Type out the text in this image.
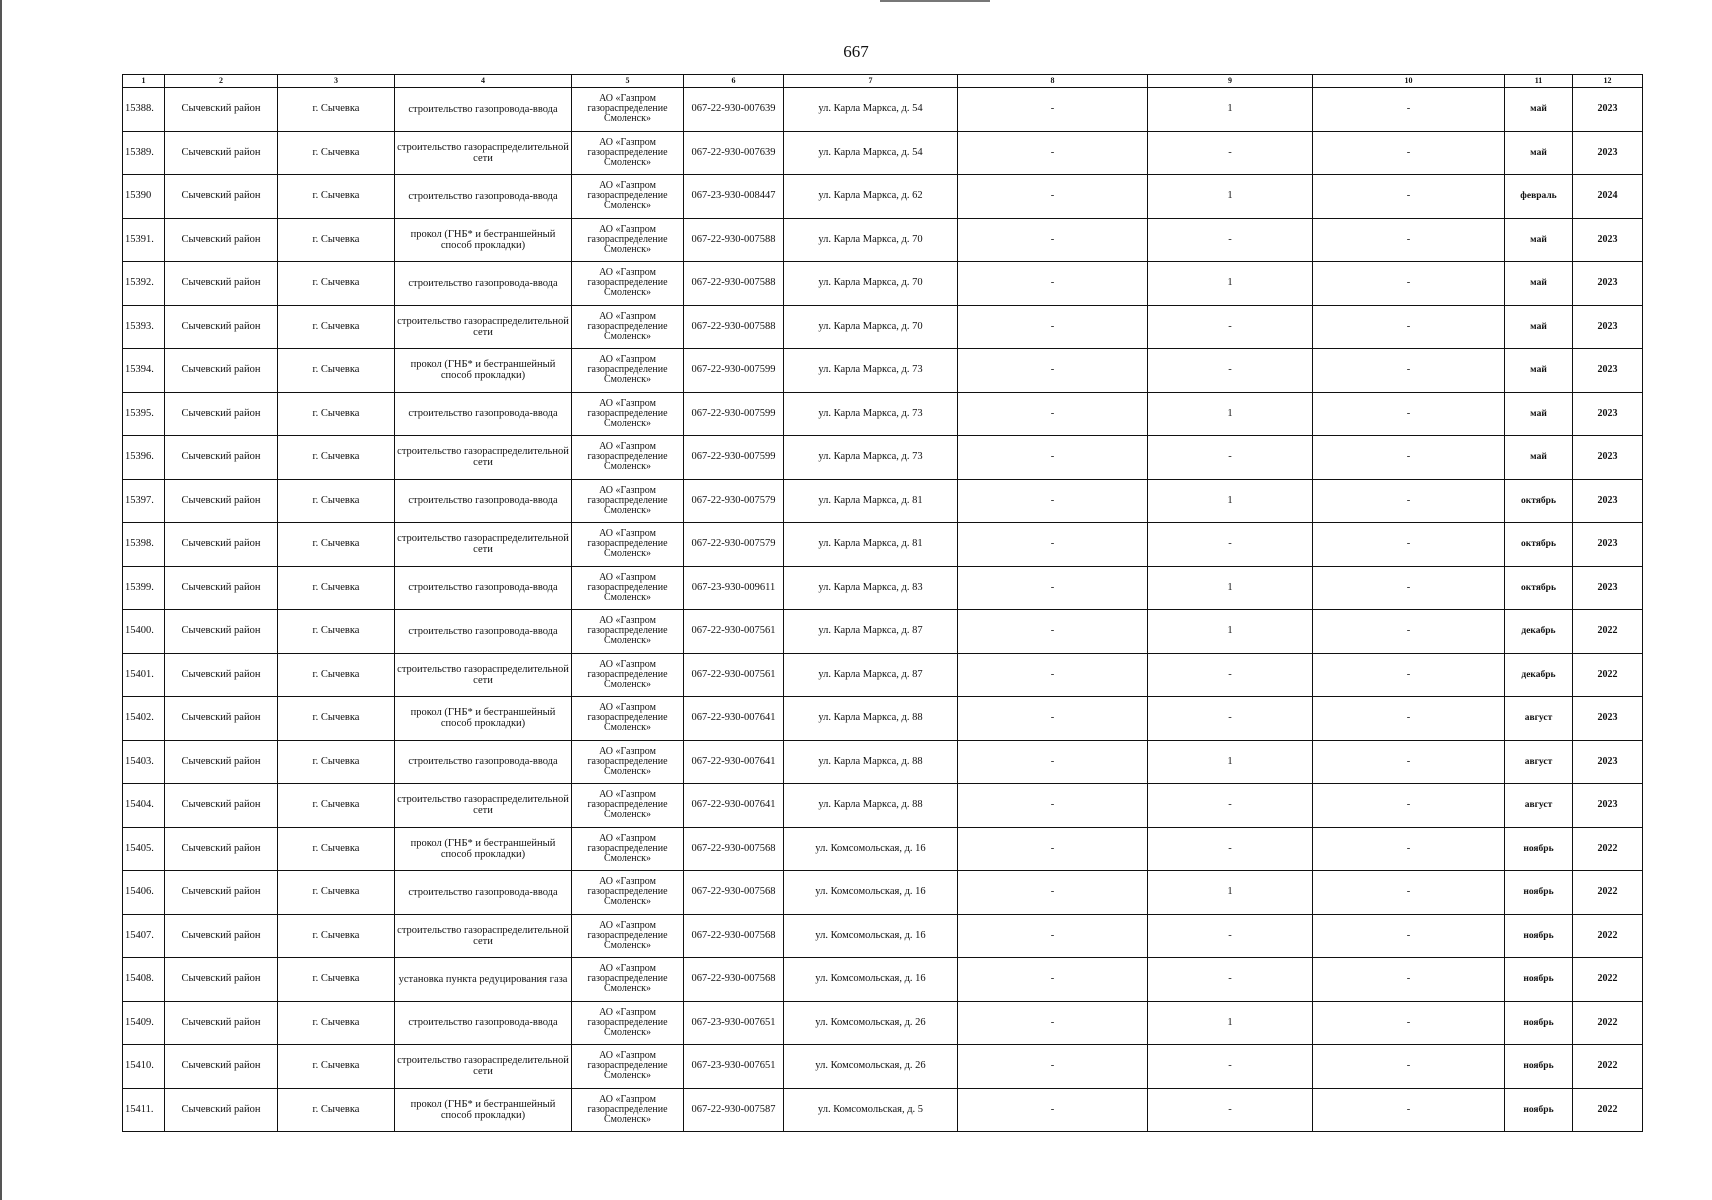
667
1	2	3	4	5	6	7	8	9	10	11	12
15388.	Сычевский район	г. Сычевка	строительство газопровода-ввода	АО «Газпром газораспределение Смоленск»	067-22-930-007639	ул. Карла Маркса, д. 54	-	1	-	май	2023
15389.	Сычевский район	г. Сычевка	строительство газораспределительной сети	АО «Газпром газораспределение Смоленск»	067-22-930-007639	ул. Карла Маркса, д. 54	-	-	-	май	2023
15390	Сычевский район	г. Сычевка	строительство газопровода-ввода	АО «Газпром газораспределение Смоленск»	067-23-930-008447	ул. Карла Маркса, д. 62	-	1	-	февраль	2024
15391.	Сычевский район	г. Сычевка	прокол (ГНБ* и бестраншейный способ прокладки)	АО «Газпром газораспределение Смоленск»	067-22-930-007588	ул. Карла Маркса, д. 70	-	-	-	май	2023
15392.	Сычевский район	г. Сычевка	строительство газопровода-ввода	АО «Газпром газораспределение Смоленск»	067-22-930-007588	ул. Карла Маркса, д. 70	-	1	-	май	2023
15393.	Сычевский район	г. Сычевка	строительство газораспределительной сети	АО «Газпром газораспределение Смоленск»	067-22-930-007588	ул. Карла Маркса, д. 70	-	-	-	май	2023
15394.	Сычевский район	г. Сычевка	прокол (ГНБ* и бестраншейный способ прокладки)	АО «Газпром газораспределение Смоленск»	067-22-930-007599	ул. Карла Маркса, д. 73	-	-	-	май	2023
15395.	Сычевский район	г. Сычевка	строительство газопровода-ввода	АО «Газпром газораспределение Смоленск»	067-22-930-007599	ул. Карла Маркса, д. 73	-	1	-	май	2023
15396.	Сычевский район	г. Сычевка	строительство газораспределительной сети	АО «Газпром газораспределение Смоленск»	067-22-930-007599	ул. Карла Маркса, д. 73	-	-	-	май	2023
15397.	Сычевский район	г. Сычевка	строительство газопровода-ввода	АО «Газпром газораспределение Смоленск»	067-22-930-007579	ул. Карла Маркса, д. 81	-	1	-	октябрь	2023
15398.	Сычевский район	г. Сычевка	строительство газораспределительной сети	АО «Газпром газораспределение Смоленск»	067-22-930-007579	ул. Карла Маркса, д. 81	-	-	-	октябрь	2023
15399.	Сычевский район	г. Сычевка	строительство газопровода-ввода	АО «Газпром газораспределение Смоленск»	067-23-930-009611	ул. Карла Маркса, д. 83	-	1	-	октябрь	2023
15400.	Сычевский район	г. Сычевка	строительство газопровода-ввода	АО «Газпром газораспределение Смоленск»	067-22-930-007561	ул. Карла Маркса, д. 87	-	1	-	декабрь	2022
15401.	Сычевский район	г. Сычевка	строительство газораспределительной сети	АО «Газпром газораспределение Смоленск»	067-22-930-007561	ул. Карла Маркса, д. 87	-	-	-	декабрь	2022
15402.	Сычевский район	г. Сычевка	прокол (ГНБ* и бестраншейный способ прокладки)	АО «Газпром газораспределение Смоленск»	067-22-930-007641	ул. Карла Маркса, д. 88	-	-	-	август	2023
15403.	Сычевский район	г. Сычевка	строительство газопровода-ввода	АО «Газпром газораспределение Смоленск»	067-22-930-007641	ул. Карла Маркса, д. 88	-	1	-	август	2023
15404.	Сычевский район	г. Сычевка	строительство газораспределительной сети	АО «Газпром газораспределение Смоленск»	067-22-930-007641	ул. Карла Маркса, д. 88	-	-	-	август	2023
15405.	Сычевский район	г. Сычевка	прокол (ГНБ* и бестраншейный способ прокладки)	АО «Газпром газораспределение Смоленск»	067-22-930-007568	ул. Комсомольская, д. 16	-	-	-	ноябрь	2022
15406.	Сычевский район	г. Сычевка	строительство газопровода-ввода	АО «Газпром газораспределение Смоленск»	067-22-930-007568	ул. Комсомольская, д. 16	-	1	-	ноябрь	2022
15407.	Сычевский район	г. Сычевка	строительство газораспределительной сети	АО «Газпром газораспределение Смоленск»	067-22-930-007568	ул. Комсомольская, д. 16	-	-	-	ноябрь	2022
15408.	Сычевский район	г. Сычевка	установка пункта редуцирования газа	АО «Газпром газораспределение Смоленск»	067-22-930-007568	ул. Комсомольская, д. 16	-	-	-	ноябрь	2022
15409.	Сычевский район	г. Сычевка	строительство газопровода-ввода	АО «Газпром газораспределение Смоленск»	067-23-930-007651	ул. Комсомольская, д. 26	-	1	-	ноябрь	2022
15410.	Сычевский район	г. Сычевка	строительство газораспределительной сети	АО «Газпром газораспределение Смоленск»	067-23-930-007651	ул. Комсомольская, д. 26	-	-	-	ноябрь	2022
15411.	Сычевский район	г. Сычевка	прокол (ГНБ* и бестраншейный способ прокладки)	АО «Газпром газораспределение Смоленск»	067-22-930-007587	ул. Комсомольская, д. 5	-	-	-	ноябрь	2022
